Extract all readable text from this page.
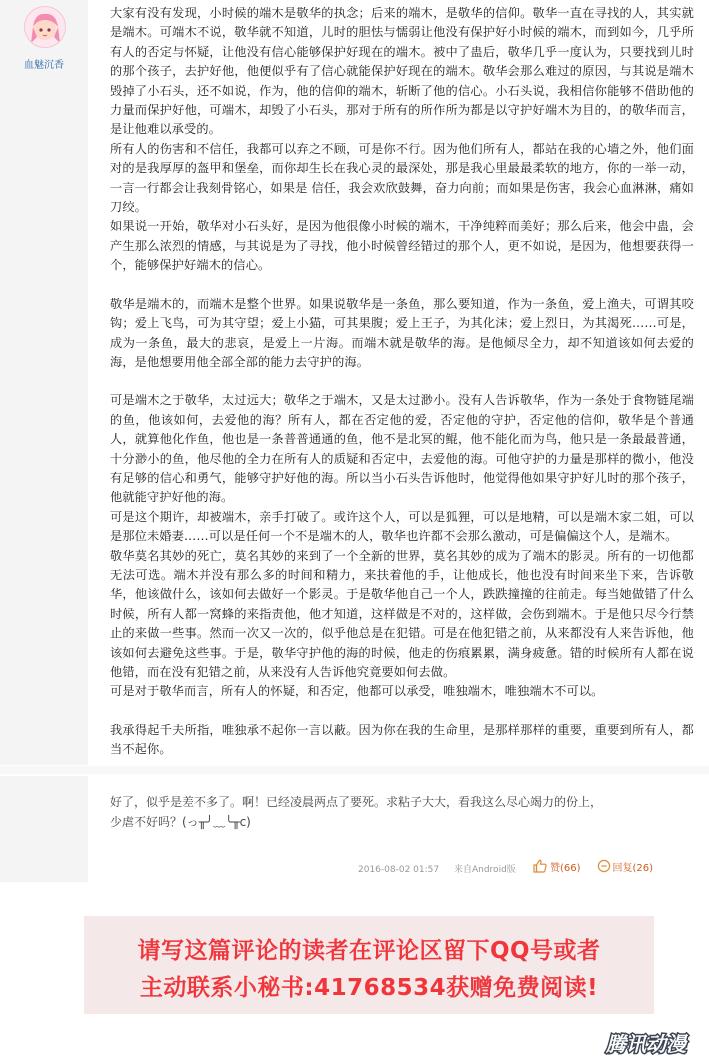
血魅沉香

大家有没有发现，小时候的端木是敬华的执念；后来的端木，是敬华的信仰。敬华一直在寻找的人，其实就是端木。可端木不说，敬华就不知道，儿时的胆怯与懦弱让他没有保护好小时候的端木，而到如今，几乎所有人的否定与怀疑，让他没有信心能够保护好现在的端木。被中了蛊后，敬华几乎一度认为，只要找到儿时的那个孩子，去护好他，他便似乎有了信心就能保护好现在的端木。敬华会那么难过的原因，与其说是端木毁掉了小石头，还不如说，作为，他的信仰的端木，斩断了他的信心。小石头说，我相信你能够不借助他的力量而保护好他，可端木，却毁了小石头，那对于所有的所作所为都是以守护好端木为目的，的敬华而言，是让他难以承受的。

所有人的伤害和不信任，我都可以弃之不顾，可是你不行。因为他们所有人，都站在我的心墙之外，他们面对的是我厚厚的盔甲和堡垒，而你却生长在我心灵的最深处，那是我心里最最柔软的地方，你的一举一动，一言一行都会让我刻骨铭心，如果是 信任，我会欢欣鼓舞，奋力向前；而如果是伤害，我会心血淋淋，痛如刀绞。

如果说一开始，敬华对小石头好，是因为他很像小时候的端木，干净纯粹而美好；那么后来，他会中蛊，会产生那么浓烈的情感，与其说是为了寻找，他小时候曾经错过的那个人，更不如说，是因为，他想要获得一个，能够保护好端木的信心。

敬华是端木的，而端木是整个世界。如果说敬华是一条鱼，那么要知道，作为一条鱼，爱上渔夫，可谓其咬钩；爱上飞鸟，可为其守望；爱上小猫，可其果腹；爱上王子，为其化沫；爱上烈日，为其渴死……可是，成为一条鱼，最大的悲哀，是爱上一片海。而端木就是敬华的海。是他倾尽全力，却不知道该如何去爱的海，是他想要用他全部全部的能力去守护的海。

可是端木之于敬华，太过远大；敬华之于端木，又是太过渺小。没有人告诉敬华，作为一条处于食物链尾端的鱼，他该如何，去爱他的海？所有人，都在否定他的爱，否定他的守护，否定他的信仰，敬华是个普通人，就算他化作鱼，他也是一条普普通通的鱼，他不是北冥的鲲，他不能化而为鸟，他只是一条最最普通，十分渺小的鱼，他尽他的全力在所有人的质疑和否定中，去爱他的海。可他守护的力量是那样的微小，他没有足够的信心和勇气，能够守护好他的海。所以当小石头告诉他时，他觉得他如果守护好儿时的那个孩子，他就能守护好他的海。

可是这个期许，却被端木，亲手打破了。或许这个人，可以是狐狸，可以是地精，可以是端木家二姐，可以是那位未婚妻……可以是任何一个不是端木的人，敬华也许都不会那么激动，可是偏偏这个人，是端木。

敬华莫名其妙的死亡，莫名其妙的来到了一个全新的世界，莫名其妙的成为了端木的影灵。所有的一切他都无法可选。端木并没有那么多的时间和精力，来扶着他的手，让他成长，他也没有时间来坐下来，告诉敬华，他该做什么，该如何去做好一个影灵。于是敬华他自己一个人，跌跌撞撞的往前走。每当她做错了什么时候，所有人都一窝蜂的来指责他，他才知道，这样做是不对的，这样做，会伤到端木。于是他只尽今行禁止的来做一些事。然而一次又一次的，似乎他总是在犯错。可是在他犯错之前，从来都没有人来告诉他，他该如何去避免这些事。于是，敬华守护他的海的时候，他走的伤痕累累，满身疲惫。错的时候所有人都在说他错，而在没有犯错之前，从来没有人告诉他究竟要如何去做。

可是对于敬华而言，所有人的怀疑，和否定，他都可以承受，唯独端木，唯独端木不可以。

我承得起千夫所指，唯独承不起你一言以蔽。因为你在我的生命里，是那样那样的重要，重要到所有人，都当不起你。

好了，似乎是差不多了。啊！已经凌晨两点了要死。求粘子大大，看我这么尽心竭力的份上，少虐不好吗？(っ╥╯﹏╰╥c)
2016-08-02 01:57 来自Android版	赞(66)	回复(26)
请写这篇评论的读者在评论区留下QQ号或者
主动联系小秘书:41768534获赠免费阅读!
腾讯动漫
